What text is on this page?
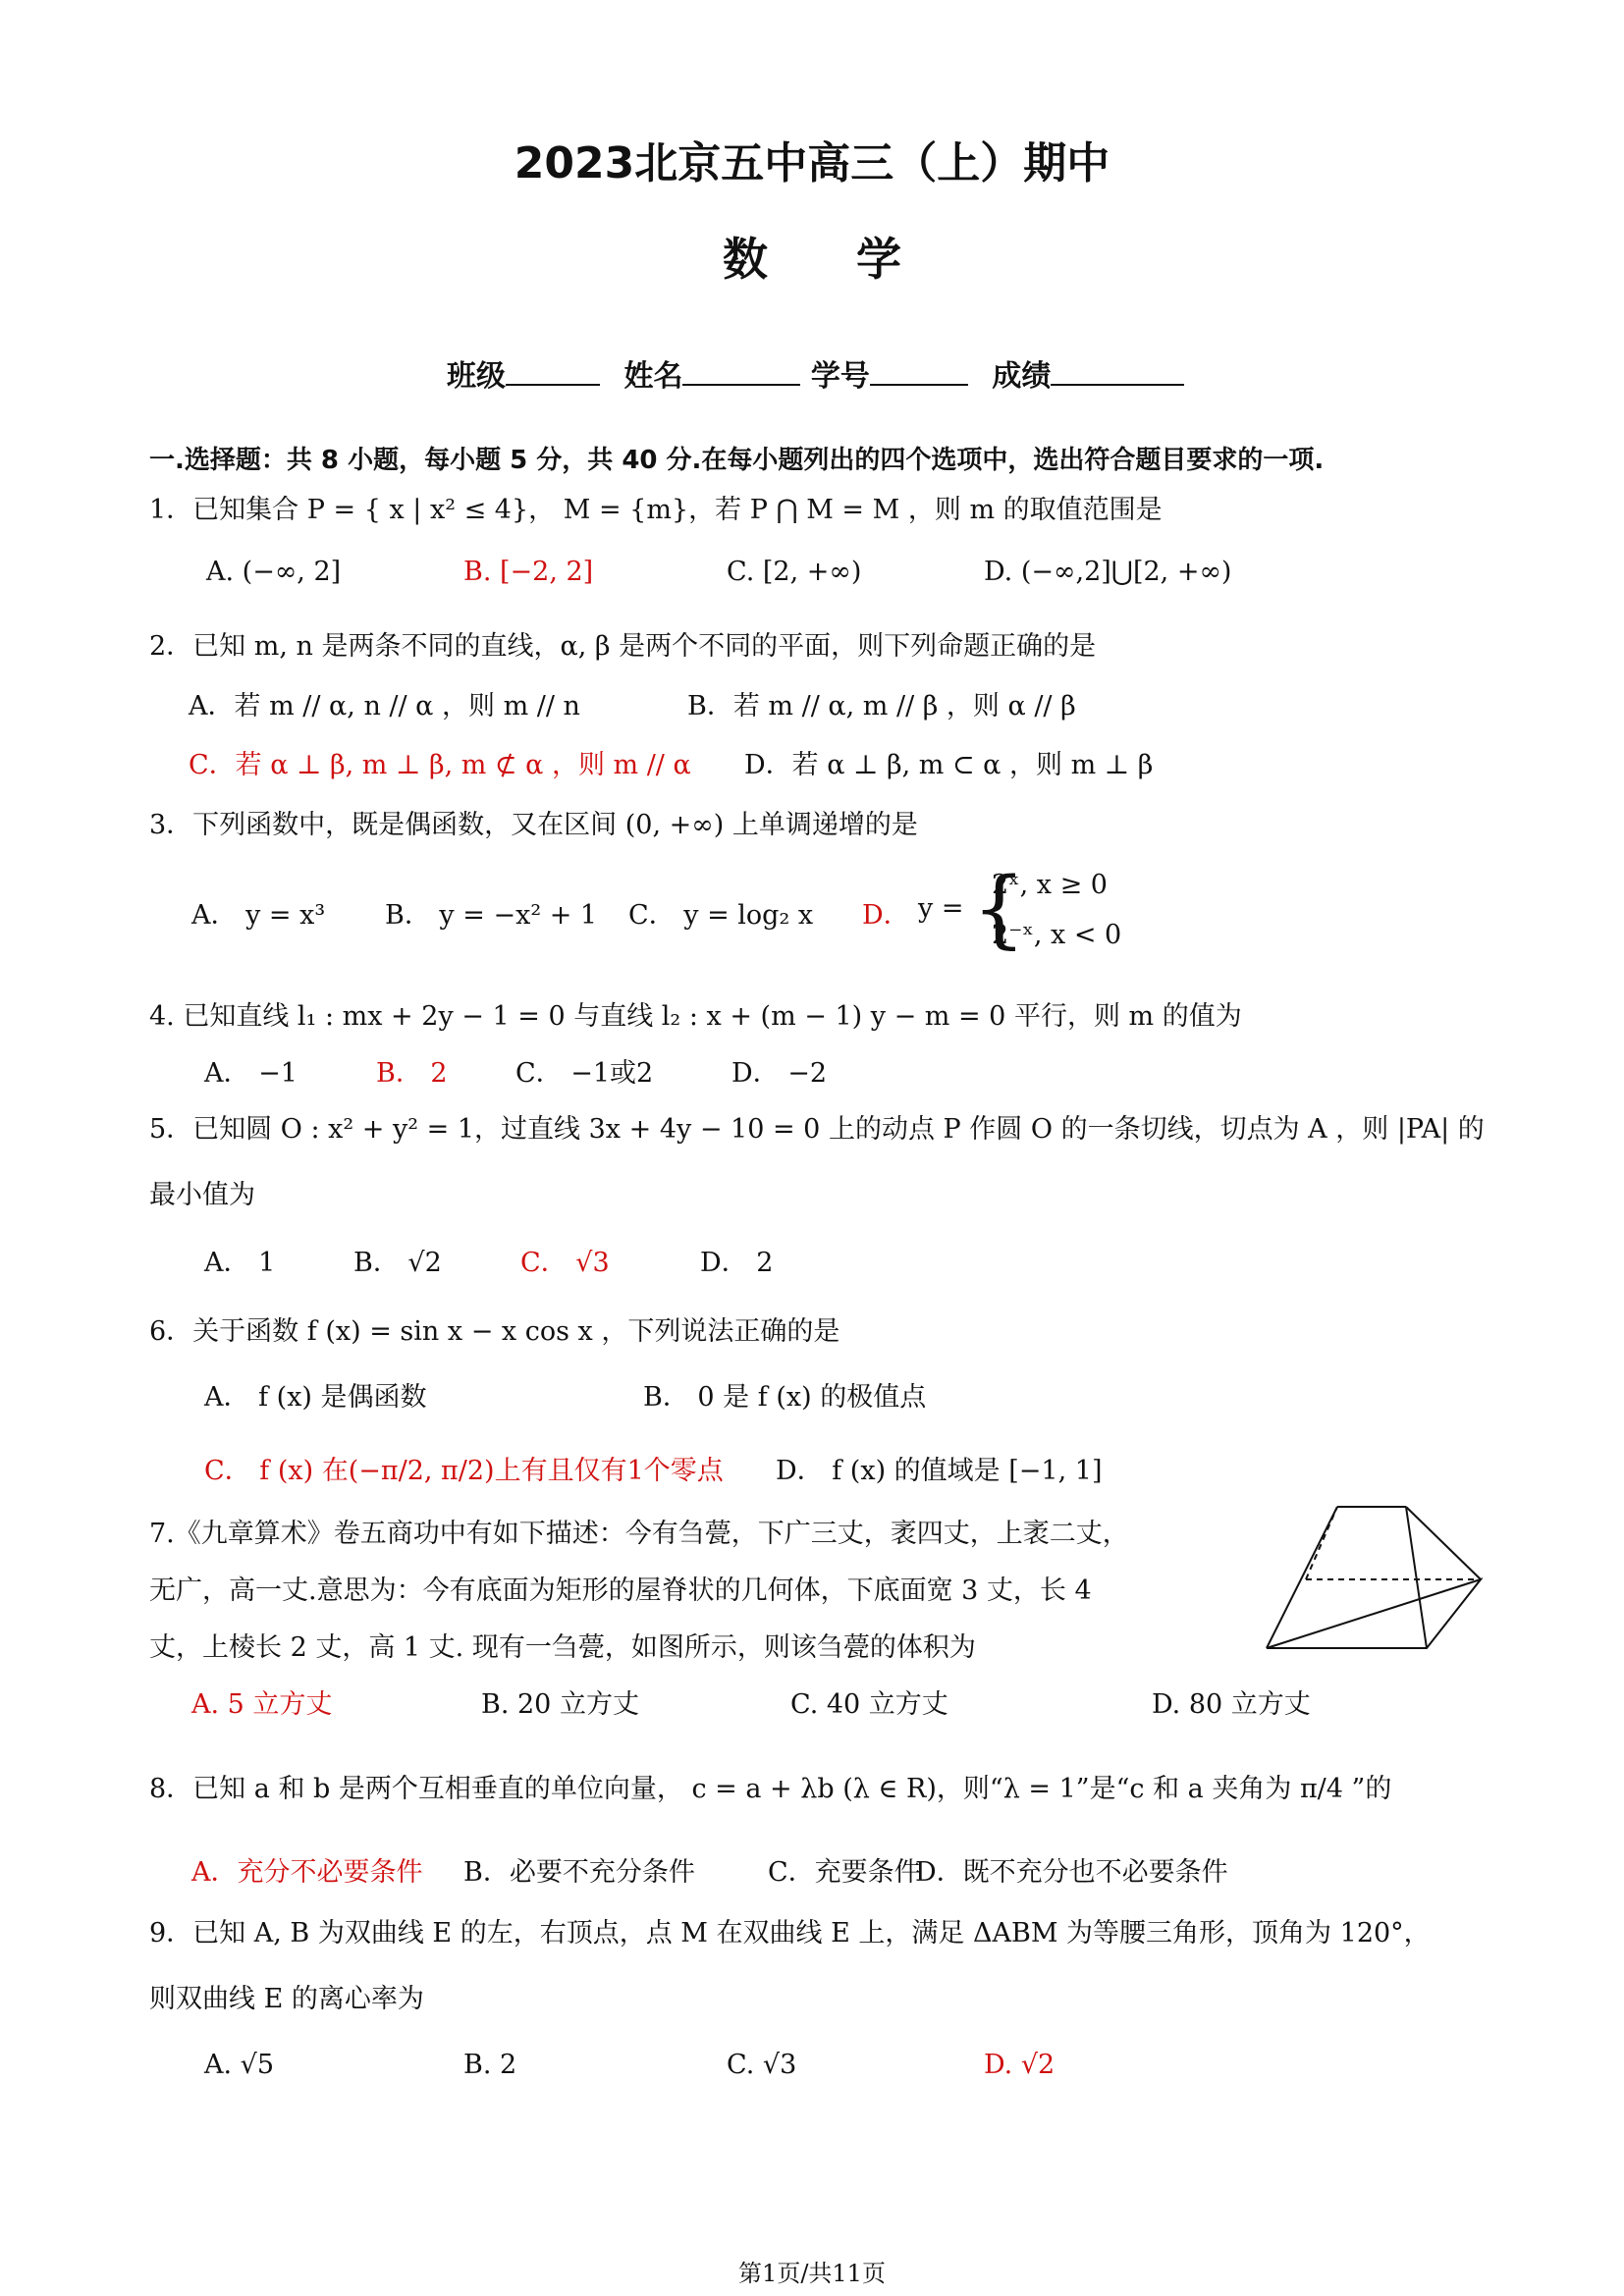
2023北京五中高三（上）期中
数学
班级	姓名	学号	成绩
一.选择题：共 8 小题，每小题 5 分，共 40 分.在每小题列出的四个选项中，选出符合题目要求的一项.
1．已知集合 P = { x | x² ≤ 4}， M = {m}，若 P ⋂ M = M ，则 m 的取值范围是
A. (−∞, 2]	B. [−2, 2]	C. [2, +∞)	D. (−∞,2]⋃[2, +∞)
2．已知 m, n 是两条不同的直线，α, β 是两个不同的平面，则下列命题正确的是
A．若 m // α, n // α ，则 m // n	B．若 m // α, m // β ，则 α // β
C．若 α ⊥ β, m ⊥ β, m ⊄ α ，则 m // α D．若 α ⊥ β, m ⊂ α ，则 m ⊥ β
3．下列函数中，既是偶函数，又在区间 (0, +∞) 上单调递增的是
A． y = x³ B． y = −x² + 1 C． y = log₂ x D． y = {
2ˣ, x ≥ 0
2⁻ˣ, x < 0
4. 已知直线 l₁ : mx + 2y − 1 = 0 与直线 l₂ : x + (m − 1) y − m = 0 平行，则 m 的值为
A． −1	B． 2	C． −1或2	D． −2
5．已知圆 O : x² + y² = 1，过直线 3x + 4y − 10 = 0 上的动点 P 作圆 O 的一条切线，切点为 A ，则 |PA| 的
最小值为
A． 1	B． √2	C． √3	D． 2
6．关于函数 f (x) = sin x − x cos x ，下列说法正确的是
A． f (x) 是偶函数	B． 0 是 f (x) 的极值点
C． f (x) 在(−π/2, π/2)上有且仅有1个零点 D． f (x) 的值域是 [−1, 1]
7.《九章算术》卷五商功中有如下描述：今有刍甍，下广三丈，袤四丈，上袤二丈，
无广，高一丈.意思为：今有底面为矩形的屋脊状的几何体，下底面宽 3 丈，长 4
丈，上棱长 2 丈，高 1 丈. 现有一刍甍，如图所示，则该刍甍的体积为
A. 5 立方丈	B. 20 立方丈	C. 40 立方丈	D. 80 立方丈
8．已知 a 和 b 是两个互相垂直的单位向量， c = a + λb (λ ∈ R)，则“λ = 1”是“c 和 a 夹角为 π/4 ”的
A．充分不必要条件 B．必要不充分条件	C．充要条件
D．既不充分也不必要条件
9．已知 A, B 为双曲线 E 的左，右顶点，点 M 在双曲线 E 上，满足 ΔABM 为等腰三角形，顶角为 120°，
则双曲线 E 的离心率为
A. √5	B. 2	C. √3	D. √2
第1页/共11页
